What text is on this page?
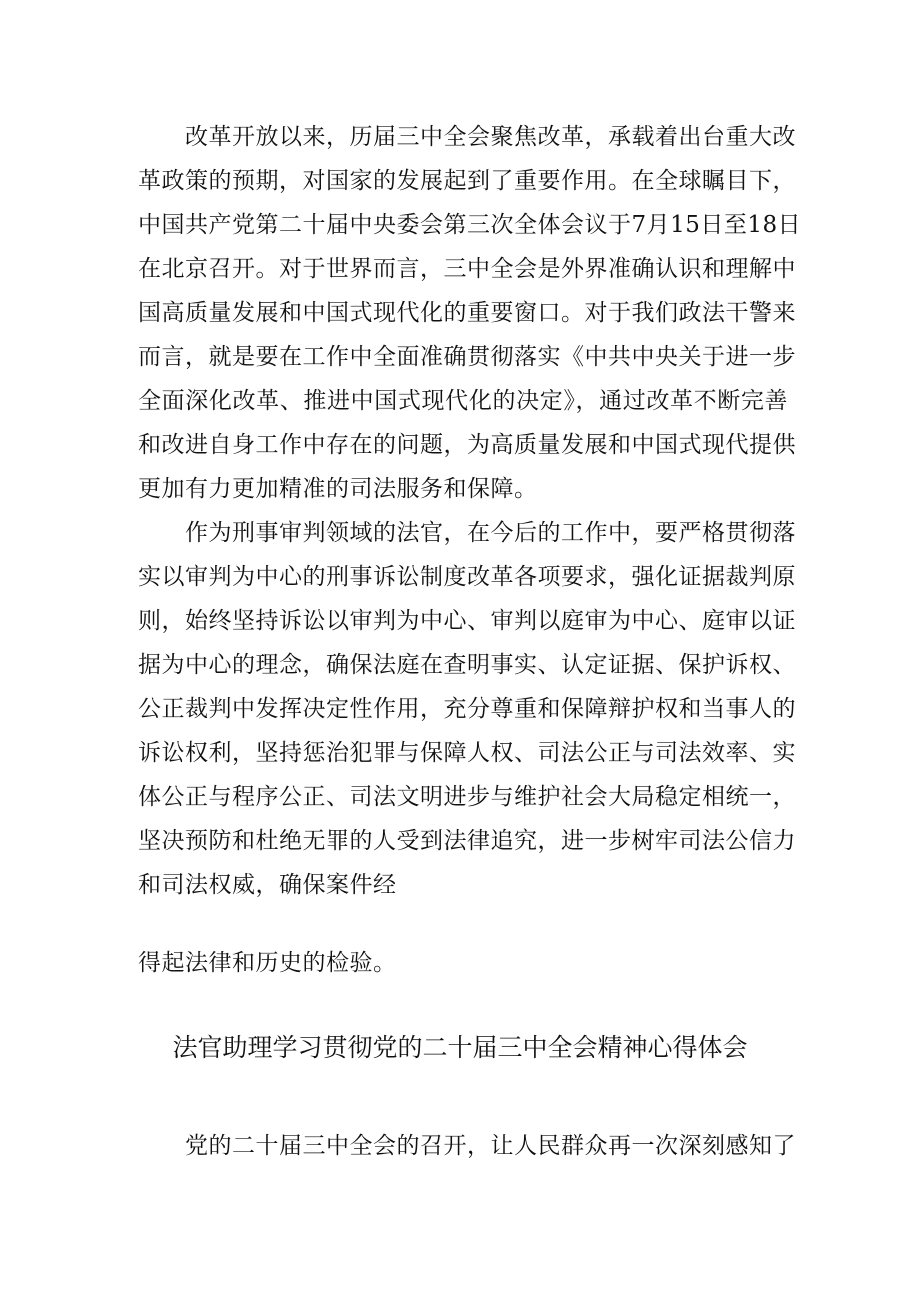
改革开放以来，历届三中全会聚焦改革，承载着出台重大改
革政策的预期，对国家的发展起到了重要作用。在全球瞩目下，
中国共产党第二十届中央委会第三次全体会议于7月15日至18日
在北京召开。对于世界而言，三中全会是外界准确认识和理解中
国高质量发展和中国式现代化的重要窗口。对于我们政法干警来
而言，就是要在工作中全面准确贯彻落实《中共中央关于进一步
全面深化改革、推进中国式现代化的决定》，通过改革不断完善
和改进自身工作中存在的问题，为高质量发展和中国式现代提供
更加有力更加精准的司法服务和保障。
作为刑事审判领域的法官，在今后的工作中，要严格贯彻落
实以审判为中心的刑事诉讼制度改革各项要求，强化证据裁判原
则，始终坚持诉讼以审判为中心、审判以庭审为中心、庭审以证
据为中心的理念，确保法庭在查明事实、认定证据、保护诉权、
公正裁判中发挥决定性作用，充分尊重和保障辩护权和当事人的
诉讼权利，坚持惩治犯罪与保障人权、司法公正与司法效率、实
体公正与程序公正、司法文明进步与维护社会大局稳定相统一，
坚决预防和杜绝无罪的人受到法律追究，进一步树牢司法公信力
和司法权威，确保案件经
得起法律和历史的检验。
法官助理学习贯彻党的二十届三中全会精神心得体会
党的二十届三中全会的召开，让人民群众再一次深刻感知了
